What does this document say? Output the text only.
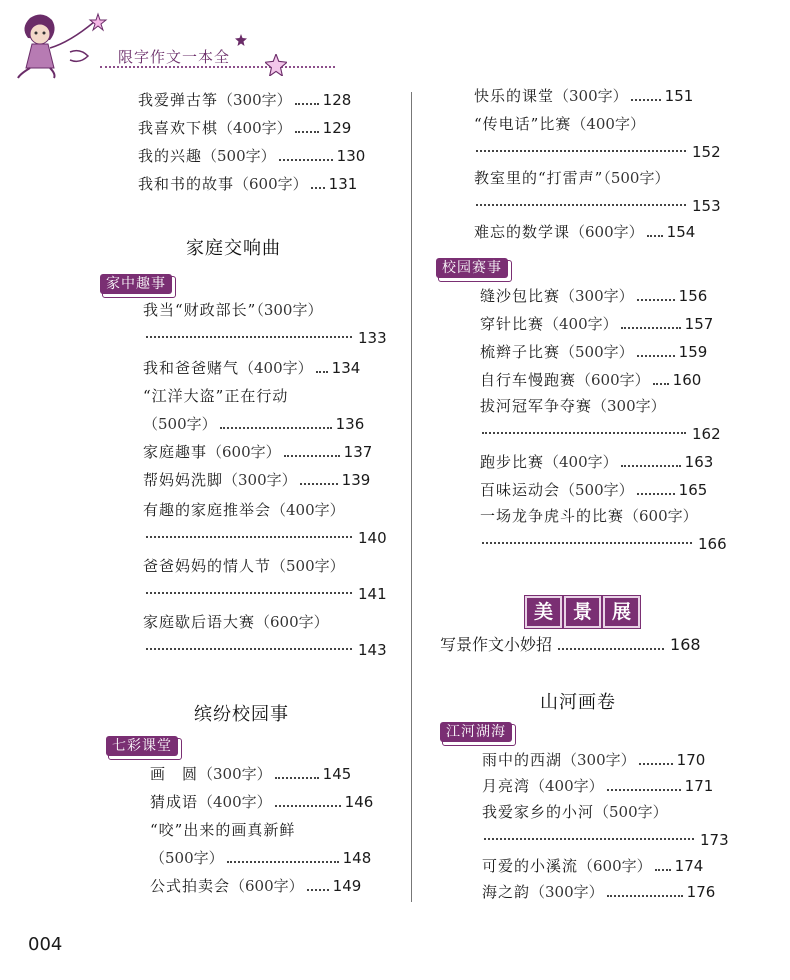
限字作文一本全
我爱弹古筝（300字） 128
我喜欢下棋（400字） 129
我的兴趣（500字）	130
我和书的故事（600字） 131
家庭交响曲
家中趣事
我当“财政部长”（300字）
133
我和爸爸赌气（400字） 134
“江洋大盗”正在行动
（500字）	136
家庭趣事（600字）	137
帮妈妈洗脚（300字）	139
有趣的家庭推举会（400字）
140
爸爸妈妈的情人节（500字）
141
家庭歇后语大赛（600字）
143
缤纷校园事
七彩课堂
画　圆（300字）	145
猜成语（400字）	146
“咬”出来的画真新鲜
（500字）	148
公式拍卖会（600字） 149
快乐的课堂（300字） 151
“传电话”比赛（400字）
152
教室里的“打雷声”（500字）
153
难忘的数学课（600字） 154
校园赛事
缝沙包比赛（300字）	156
穿针比赛（400字）	157
梳辫子比赛（500字）	159
自行车慢跑赛（600字） 160
拔河冠军争夺赛（300字）
162
跑步比赛（400字）	163
百味运动会（500字）	165
一场龙争虎斗的比赛（600字）
166
美	景	展
写景作文小妙招	168
山河画卷
江河湖海
雨中的西湖（300字）	170
月亮湾（400字）	171
我爱家乡的小河（500字）
173
可爱的小溪流（600字） 174
海之韵（300字）	176
004
